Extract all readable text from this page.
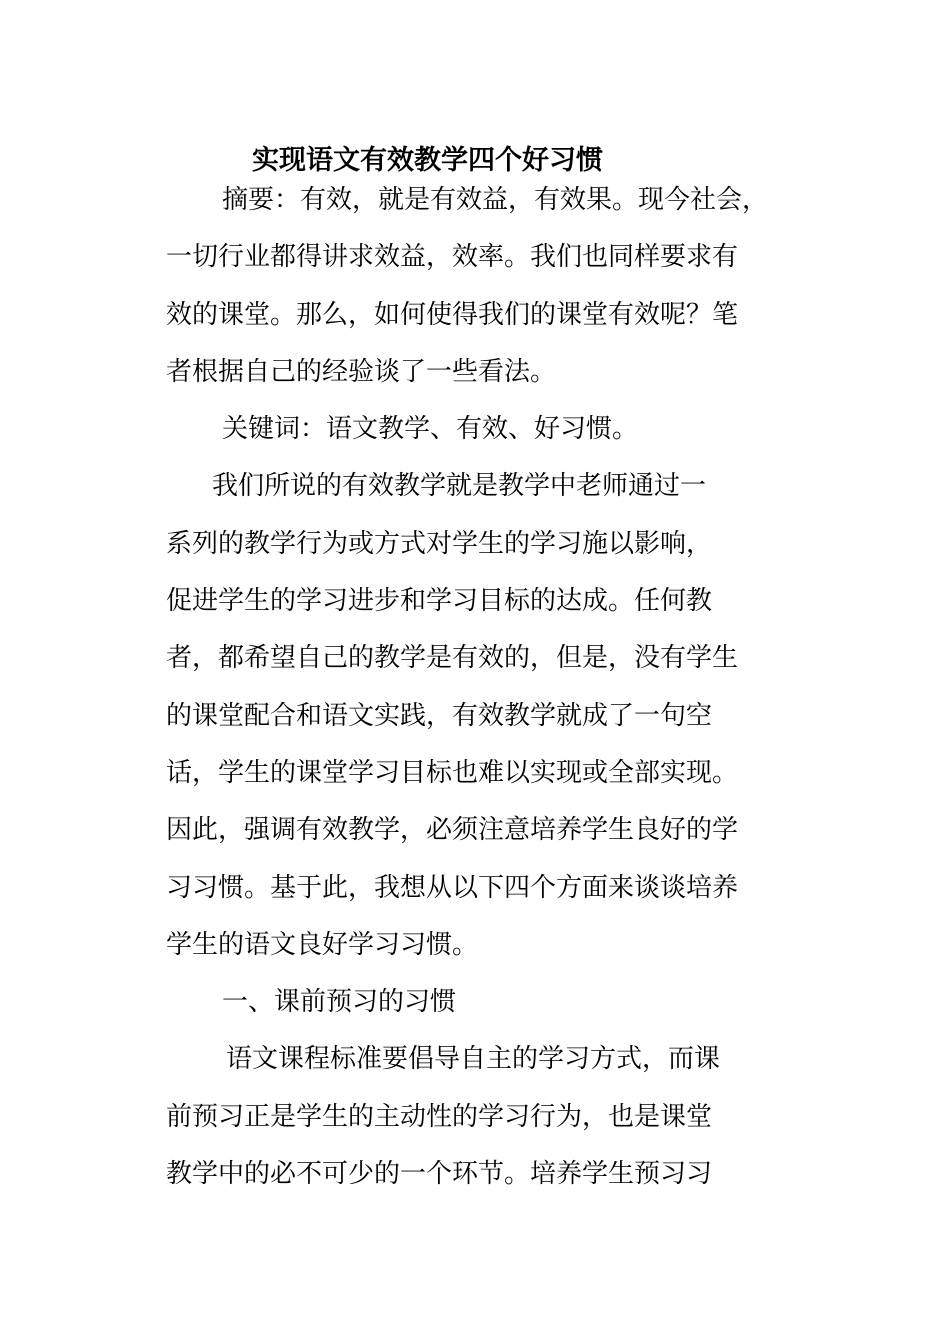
实现语文有效教学四个好习惯
摘要：有效，就是有效益，有效果。现今社会，
一切行业都得讲求效益，效率。我们也同样要求有
效的课堂。那么，如何使得我们的课堂有效呢？笔
者根据自己的经验谈了一些看法。
关键词：语文教学、有效、好习惯。
我们所说的有效教学就是教学中老师通过一
系列的教学行为或方式对学生的学习施以影响，
促进学生的学习进步和学习目标的达成。任何教
者，都希望自己的教学是有效的，但是，没有学生
的课堂配合和语文实践，有效教学就成了一句空
话，学生的课堂学习目标也难以实现或全部实现。
因此，强调有效教学，必须注意培养学生良好的学
习习惯。基于此，我想从以下四个方面来谈谈培养
学生的语文良好学习习惯。
一、课前预习的习惯
语文课程标准要倡导自主的学习方式，而课
前预习正是学生的主动性的学习行为，也是课堂
教学中的必不可少的一个环节。培养学生预习习
